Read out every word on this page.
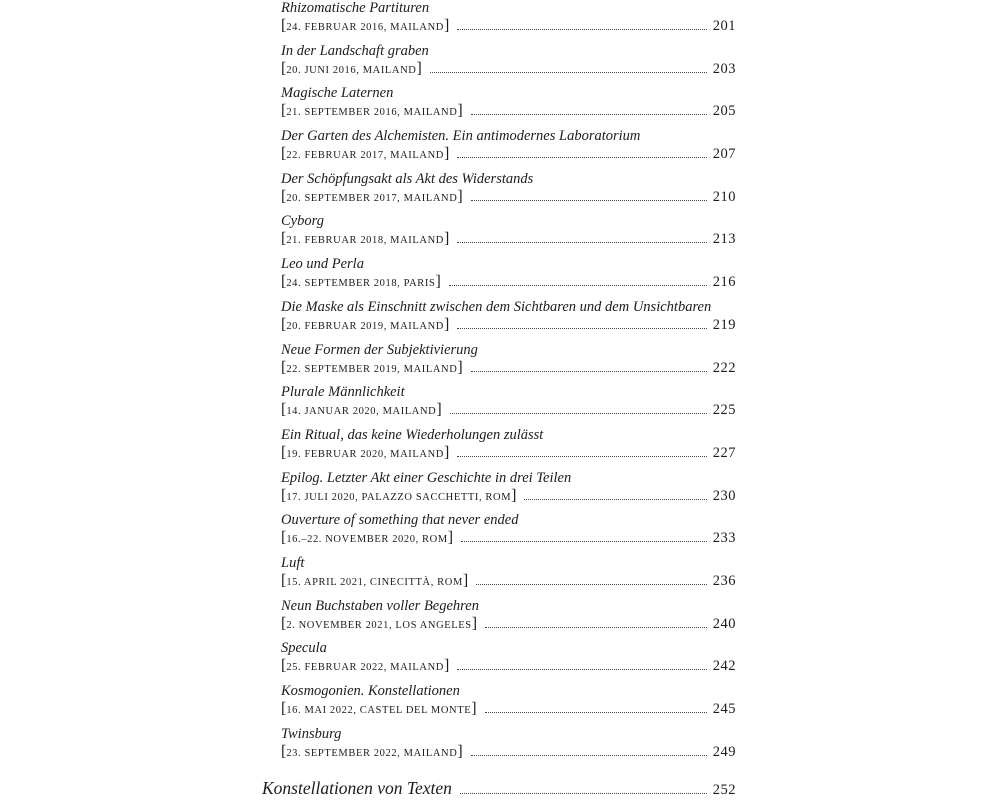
Rhizomatische Partituren
[ 24. FEBRUAR 2016, MAILAND ]	201
In der Landschaft graben
[ 20. JUNI 2016, MAILAND ]	203
Magische Laternen
[ 21. SEPTEMBER 2016, MAILAND ]	205
Der Garten des Alchemisten. Ein antimodernes Laboratorium
[ 22. FEBRUAR 2017, MAILAND ]	207
Der Schöpfungsakt als Akt des Widerstands
[ 20. SEPTEMBER 2017, MAILAND ]	210
Cyborg
[ 21. FEBRUAR 2018, MAILAND ]	213
Leo und Perla
[ 24. SEPTEMBER 2018, PARIS ]	216
Die Maske als Einschnitt zwischen dem Sichtbaren und dem Unsichtbaren
[ 20. FEBRUAR 2019, MAILAND ]	219
Neue Formen der Subjektivierung
[ 22. SEPTEMBER 2019, MAILAND ]	222
Plurale Männlichkeit
[ 14. JANUAR 2020, MAILAND ]	225
Ein Ritual, das keine Wiederholungen zulässt
[ 19. FEBRUAR 2020, MAILAND ]	227
Epilog. Letzter Akt einer Geschichte in drei Teilen
[ 17. JULI 2020, PALAZZO SACCHETTI, ROM ]	230
Ouverture of something that never ended
[ 16.–22. NOVEMBER 2020, ROM ]	233
Luft
[ 15. APRIL 2021, CINECITTÀ, ROM ]	236
Neun Buchstaben voller Begehren
[ 2. NOVEMBER 2021, LOS ANGELES ]	240
Specula
[ 25. FEBRUAR 2022, MAILAND ]	242
Kosmogonien. Konstellationen
[ 16. MAI 2022, CASTEL DEL MONTE ]	245
Twinsburg
[ 23. SEPTEMBER 2022, MAILAND ]	249
Konstellationen von Texten	252
